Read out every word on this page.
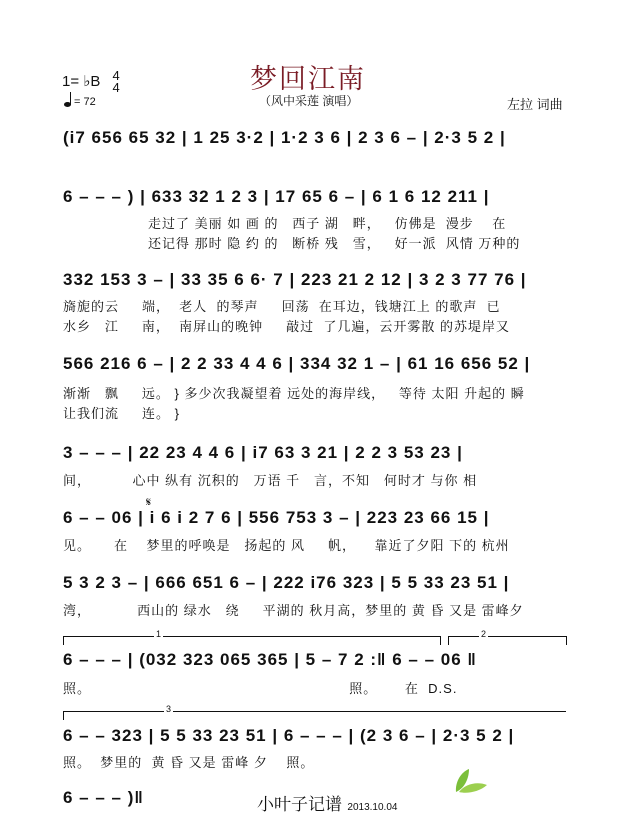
1= ♭B 4
4
= 72
梦回江南
（风中采莲 演唱）	左拉 词曲
(i7 656 65 32 | 1 25 3·2 | 1·2 3 6 | 2 3 6 – | 2·3 5 2 |
6 – – – ) | 633 32 1 2 3 | 17 65 6 – | 6 1 6 12 211 |
走过了 美丽 如 画 的   西子 湖   畔，   仿佛是  漫步    在
还记得 那时 隐 约 的   断桥 残   雪，   好一派  风情 万种的
332 153 3 – | 33 35 6 6· 7 | 223 21 2 12 | 3 2 3 77 76 |
旖旎的云     端，  老人  的琴声     回荡  在耳边，钱塘江上 的歌声  已
水乡   江     南，  南屏山的晚钟     敲过  了几遍，云开雾散 的苏堤岸又
566 216 6 – | 2 2 33 4 4 6 | 334 32 1 – | 61 16 656 52 |
渐渐   飘     远。 } 多少次我凝望着 远处的海岸线，   等待 太阳 升起的 瞬
让我们流     连。 }
3 – – – | 22 23 4 4 6 | i7 63 3 21 | 2 2 3 53 23 |
间，         心中 纵有 沉积的   万语 千   言，不知   何时才 与你 相
𝄋
6 – – 06 | i 6 i 2 7 6 | 556 753 3 – | 223 23 66 15 |
见。     在    梦里的呼唤是   扬起的 风     帆，    靠近了夕阳 下的 杭州
5 3 2 3 – | 666 651 6 – | 222 i76 323 | 5 5 33 23 51 |
湾，          西山的 绿水   绕     平湖的 秋月高，梦里的 黄 昏 又是 雷峰夕
1	2
6 – – – | (032 323 065 365 | 5 – 7 2 :‖ 6 – – 06 ‖
照。                                                        照。      在  D.S.
3
6 – – 323 | 5 5 33 23 51 | 6 – – – | (2 3 6 – | 2·3 5 2 |
照。  梦里的  黄 昏 又是 雷峰 夕    照。
6 – – – )‖	小叶子记谱 2013.10.04
